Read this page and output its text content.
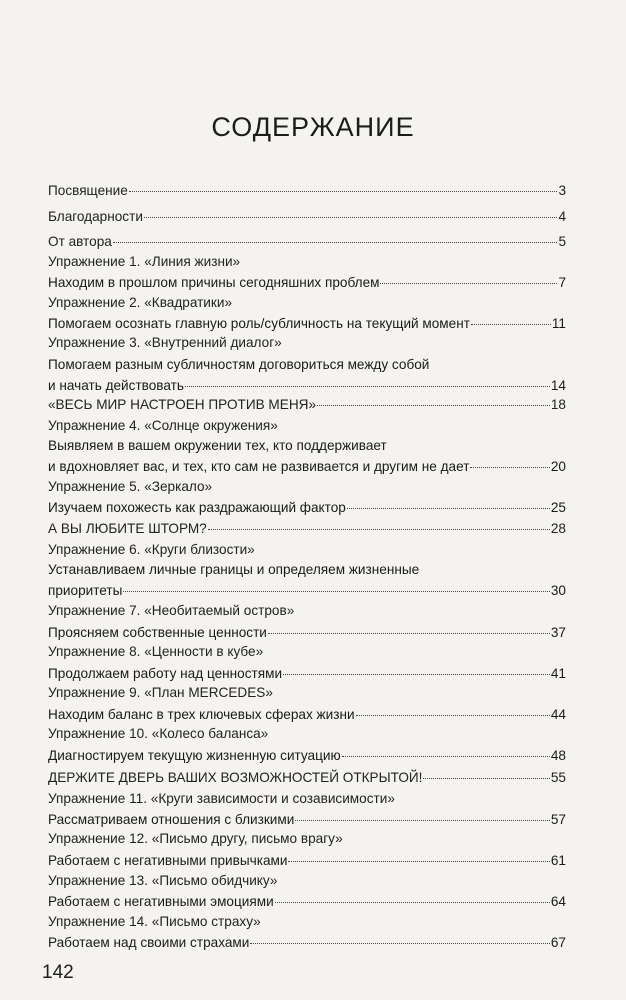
СОДЕРЖАНИЕ
Посвящение	3
Благодарности	4
От автора	5
Упражнение 1. «Линия жизни»
Находим в прошлом причины сегодняшних проблем	7
Упражнение 2. «Квадратики»
Помогаем осознать главную роль/субличность на текущий момент	11
Упражнение 3. «Внутренний диалог»
Помогаем разным субличностям договориться между собой
и начать действовать	14
«ВЕСЬ МИР НАСТРОЕН ПРОТИВ МЕНЯ»	18
Упражнение 4. «Солнце окружения»
Выявляем в вашем окружении тех, кто поддерживает
и вдохновляет вас, и тех, кто сам не развивается и другим не дает	20
Упражнение 5. «Зеркало»
Изучаем похожесть как раздражающий фактор	25
А ВЫ ЛЮБИТЕ ШТОРМ?	28
Упражнение 6. «Круги близости»
Устанавливаем личные границы и определяем жизненные
приоритеты	30
Упражнение 7. «Необитаемый остров»
Проясняем собственные ценности	37
Упражнение 8. «Ценности в кубе»
Продолжаем работу над ценностями	41
Упражнение 9. «План MERCEDES»
Находим баланс в трех ключевых сферах жизни	44
Упражнение 10. «Колесо баланса»
Диагностируем текущую жизненную ситуацию	48
ДЕРЖИТЕ ДВЕРЬ ВАШИХ ВОЗМОЖНОСТЕЙ ОТКРЫТОЙ!	55
Упражнение 11. «Круги зависимости и созависимости»
Рассматриваем отношения с близкими	57
Упражнение 12. «Письмо другу, письмо врагу»
Работаем с негативными привычками	61
Упражнение 13. «Письмо обидчику»
Работаем с негативными эмоциями	64
Упражнение 14. «Письмо страху»
Работаем над своими страхами	67
142
